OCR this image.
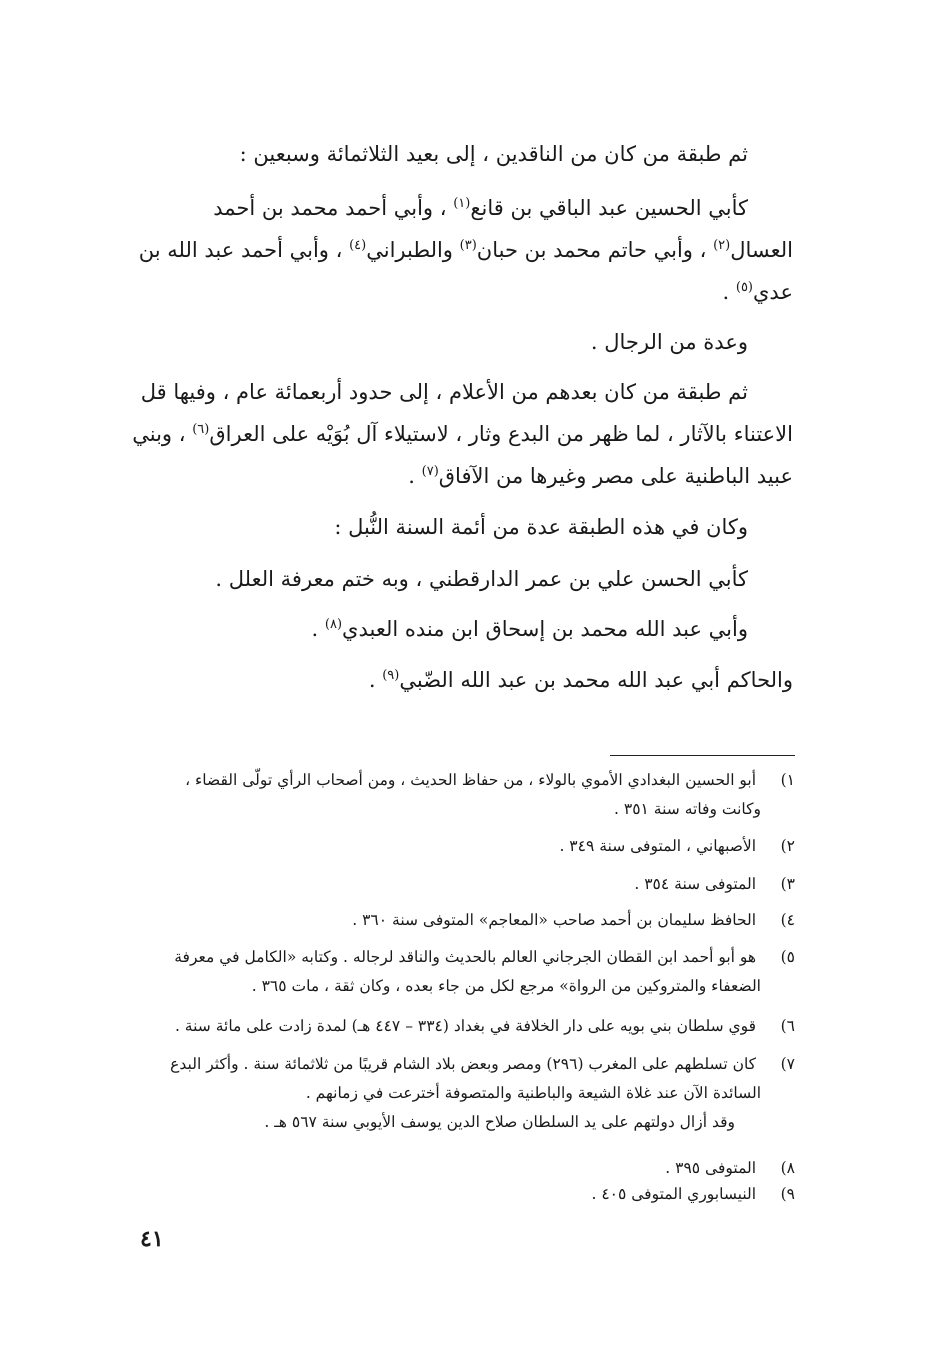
ثم طبقة من كان من الناقدين ، إلى بعيد الثلاثمائة وسبعين :
كأبي الحسين عبد الباقي بن قانع$^{(١)}$ ، وأبي أحمد محمد بن أحمد
العسال$^{(٢)}$ ، وأبي حاتم محمد بن حبان$^{(٣)}$ والطبراني$^{(٤)}$ ، وأبي أحمد عبد الله بن
عدي$^{(٥)}$ .
وعدة من الرجال .
ثم طبقة من كان بعدهم من الأعلام ، إلى حدود أربعمائة عام ، وفيها قل
الاعتناء بالآثار ، لما ظهر من البدع وثار ، لاستيلاء آل بُوَيْه على العراق$^{(٦)}$ ، وبني
عبيد الباطنية على مصر وغيرها من الآفاق$^{(٧)}$ .
وكان في هذه الطبقة عدة من أئمة السنة النُّبل :
كأبي الحسن علي بن عمر الدارقطني ، وبه ختم معرفة العلل .
وأبي عبد الله محمد بن إسحاق ابن منده العبدي$^{(٨)}$ .
والحاكم أبي عبد الله محمد بن عبد الله الضّبي$^{(٩)}$ .
١) أبو الحسين البغدادي الأموي بالولاء ، من حفاظ الحديث ، ومن أصحاب الرأي تولّى القضاء ،
وكانت وفاته سنة ٣٥١ .
٢) الأصبهاني ، المتوفى سنة ٣٤٩ .
٣) المتوفى سنة ٣٥٤ .
٤) الحافظ سليمان بن أحمد صاحب «المعاجم» المتوفى سنة ٣٦٠ .
٥) هو أبو أحمد ابن القطان الجرجاني العالم بالحديث والناقد لرجاله . وكتابه «الكامل في معرفة
الضعفاء والمتروكين من الرواة» مرجع لكل من جاء بعده ، وكان ثقة ، مات ٣٦٥ .
٦) قوي سلطان بني بويه على دار الخلافة في بغداد (٣٣٤ – ٤٤٧ هـ) لمدة زادت على مائة سنة .
٧) كان تسلطهم على المغرب (٢٩٦) ومصر وبعض بلاد الشام قريبًا من ثلاثمائة سنة . وأكثر البدع
السائدة الآن عند غلاة الشيعة والباطنية والمتصوفة أخترعت في زمانهم .
وقد أزال دولتهم على يد السلطان صلاح الدين يوسف الأيوبي سنة ٥٦٧ هـ .
٨) المتوفى ٣٩٥ .
٩) النيسابوري المتوفى ٤٠٥ .
٤١
